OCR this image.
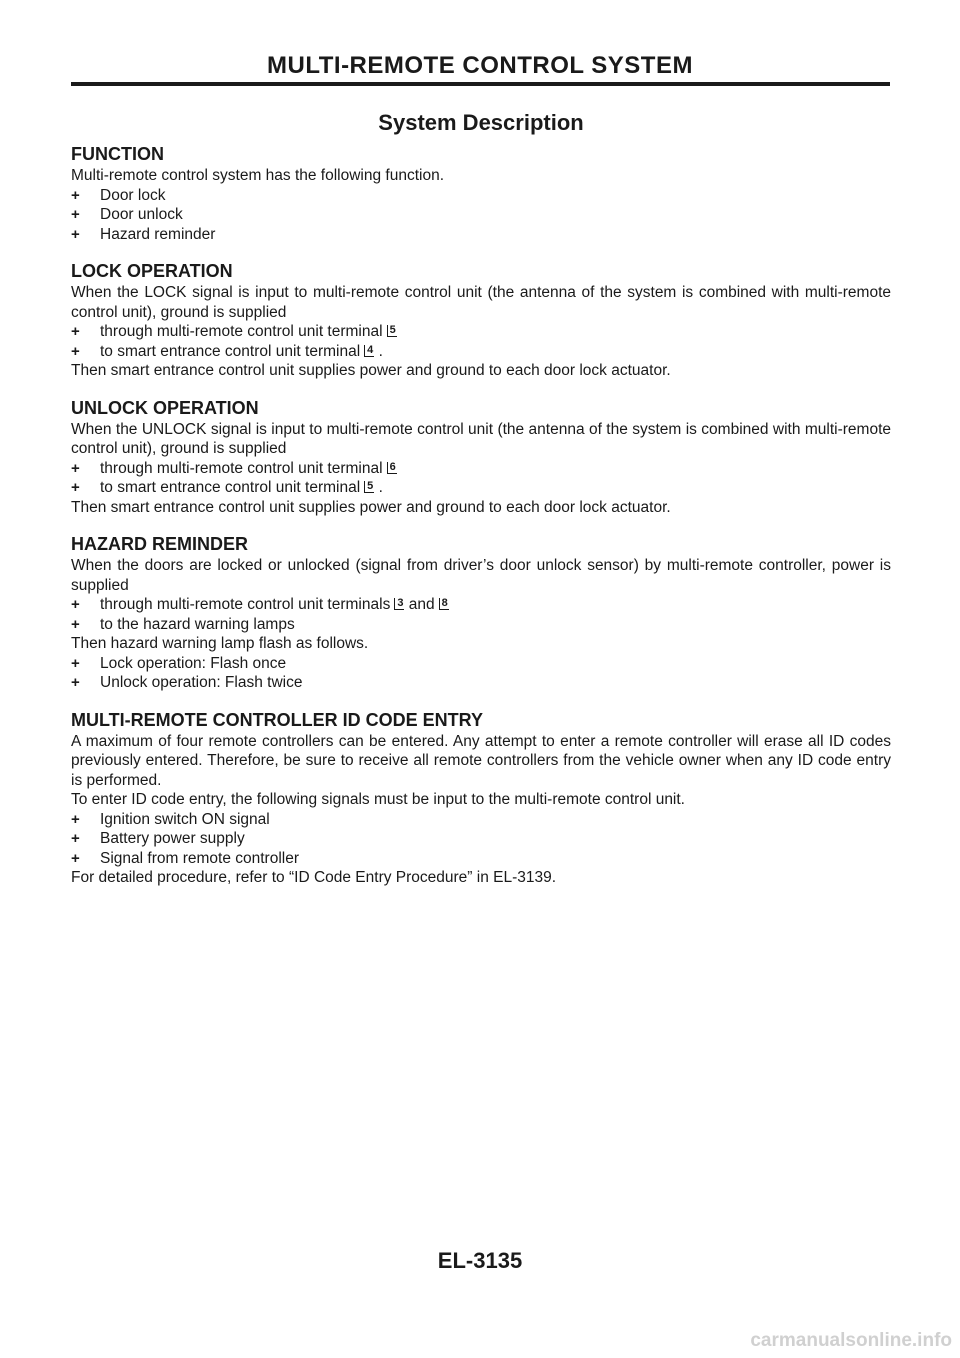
MULTI-REMOTE CONTROL SYSTEM
System Description
FUNCTION

Multi-remote control system has the following function.

+ Door lock
+ Door unlock
+ Hazard reminder
LOCK OPERATION

When the LOCK signal is input to multi-remote control unit (the antenna of the system is combined with multi-remote control unit), ground is supplied

+ through multi-remote control unit terminal 5
+ to smart entrance control unit terminal 4 .

Then smart entrance control unit supplies power and ground to each door lock actuator.

UNLOCK OPERATION

When the UNLOCK signal is input to multi-remote control unit (the antenna of the system is combined with multi-remote control unit), ground is supplied

+ through multi-remote control unit terminal 6
+ to smart entrance control unit terminal 5 .

Then smart entrance control unit supplies power and ground to each door lock actuator.

HAZARD REMINDER

When the doors are locked or unlocked (signal from driver’s door unlock sensor) by multi-remote controller, power is supplied

+ through multi-remote control unit terminals 3 and 8
+ to the hazard warning lamps

Then hazard warning lamp flash as follows.

+ Lock operation: Flash once
+ Unlock operation: Flash twice
MULTI-REMOTE CONTROLLER ID CODE ENTRY

A maximum of four remote controllers can be entered. Any attempt to enter a remote controller will erase all ID codes previously entered. Therefore, be sure to receive all remote controllers from the vehicle owner when any ID code entry is performed.

To enter ID code entry, the following signals must be input to the multi-remote control unit.

+ Ignition switch ON signal
+ Battery power supply
+ Signal from remote controller

For detailed procedure, refer to “ID Code Entry Procedure” in EL-3139.

EL-3135
carmanualsonline.info
